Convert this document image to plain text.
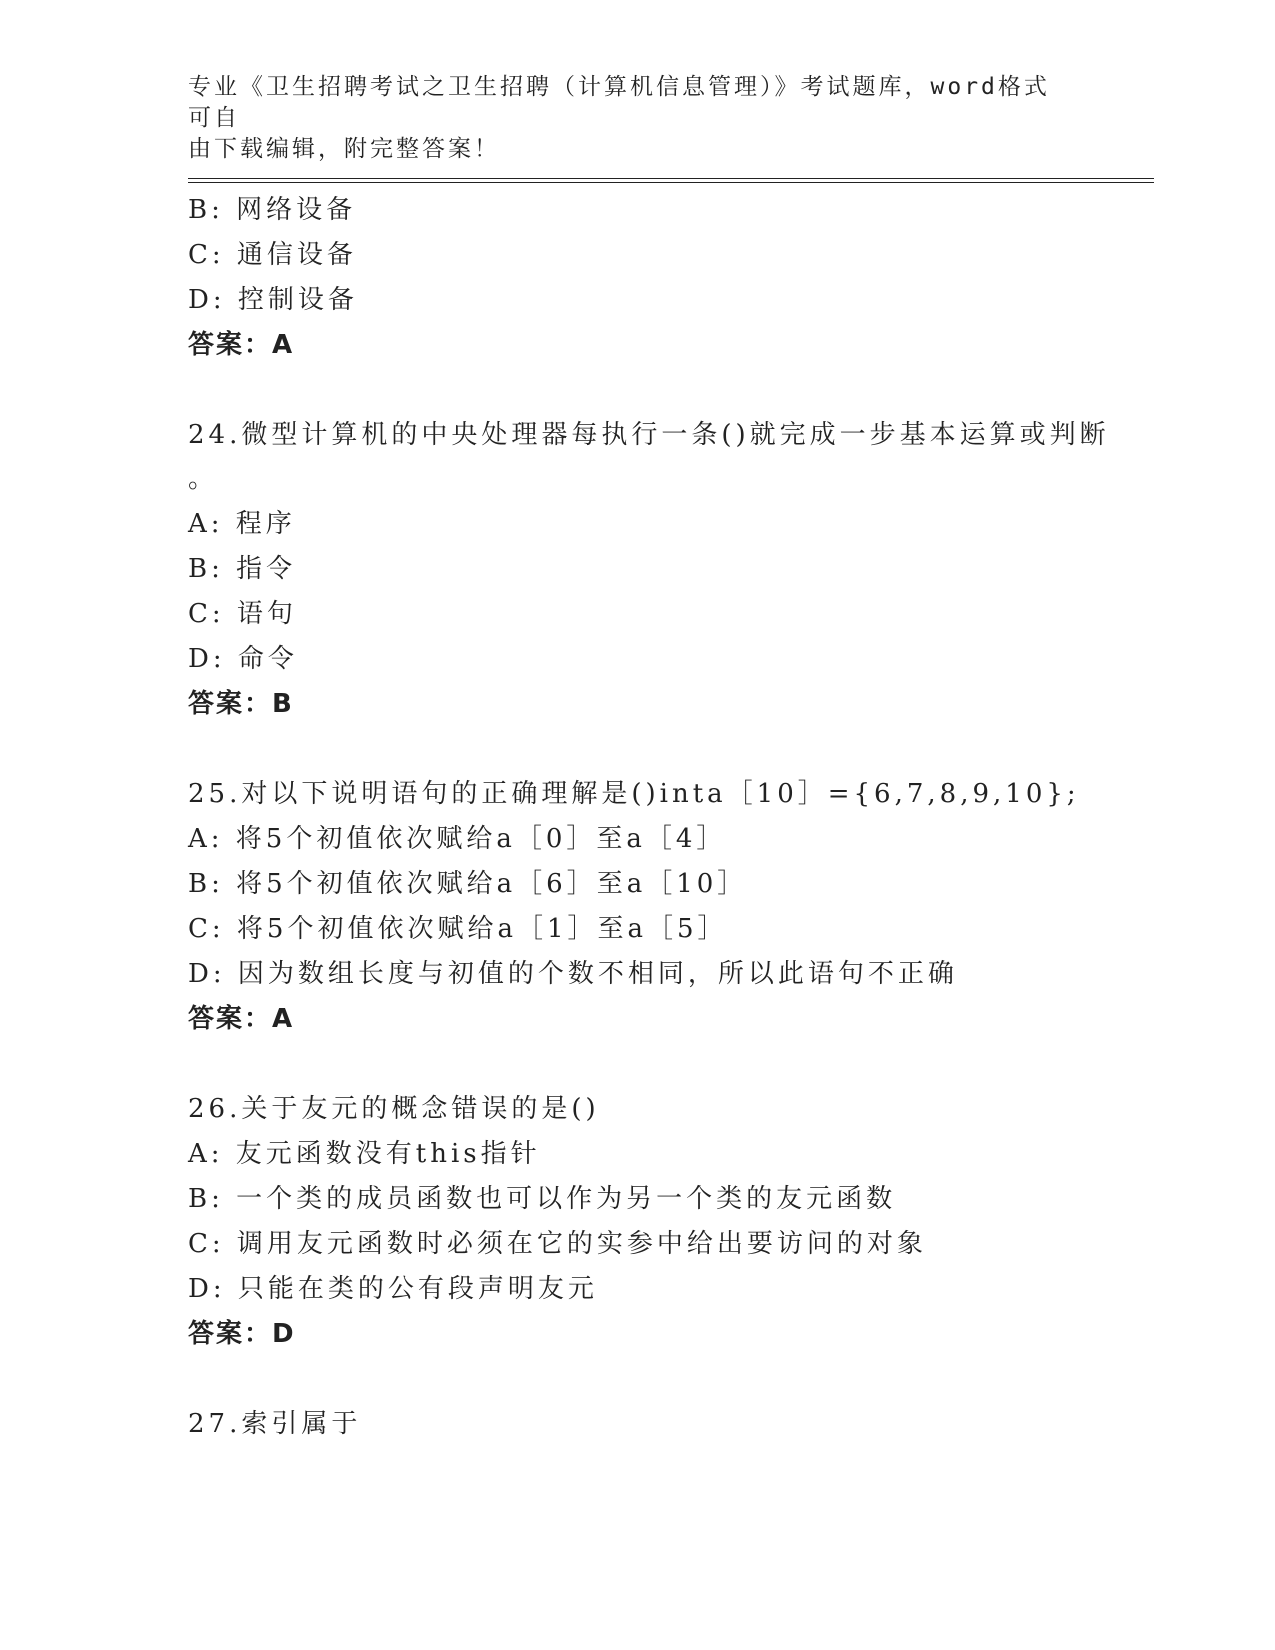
专业《卫生招聘考试之卫生招聘（计算机信息管理）》考试题库，word格式可自
由下载编辑，附完整答案！
B: 网络设备
C: 通信设备
D: 控制设备
答案：A
24.微型计算机的中央处理器每执行一条()就完成一步基本运算或判断
。
A: 程序
B: 指令
C: 语句
D: 命令
答案：B
25.对以下说明语句的正确理解是()inta［10］={6,7,8,9,10};
A: 将5个初值依次赋给a［0］至a［4］
B: 将5个初值依次赋给a［6］至a［10］
C: 将5个初值依次赋给a［1］至a［5］
D: 因为数组长度与初值的个数不相同，所以此语句不正确
答案：A
26.关于友元的概念错误的是()
A: 友元函数没有this指针
B: 一个类的成员函数也可以作为另一个类的友元函数
C: 调用友元函数时必须在它的实参中给出要访问的对象
D: 只能在类的公有段声明友元
答案：D
27.索引属于
